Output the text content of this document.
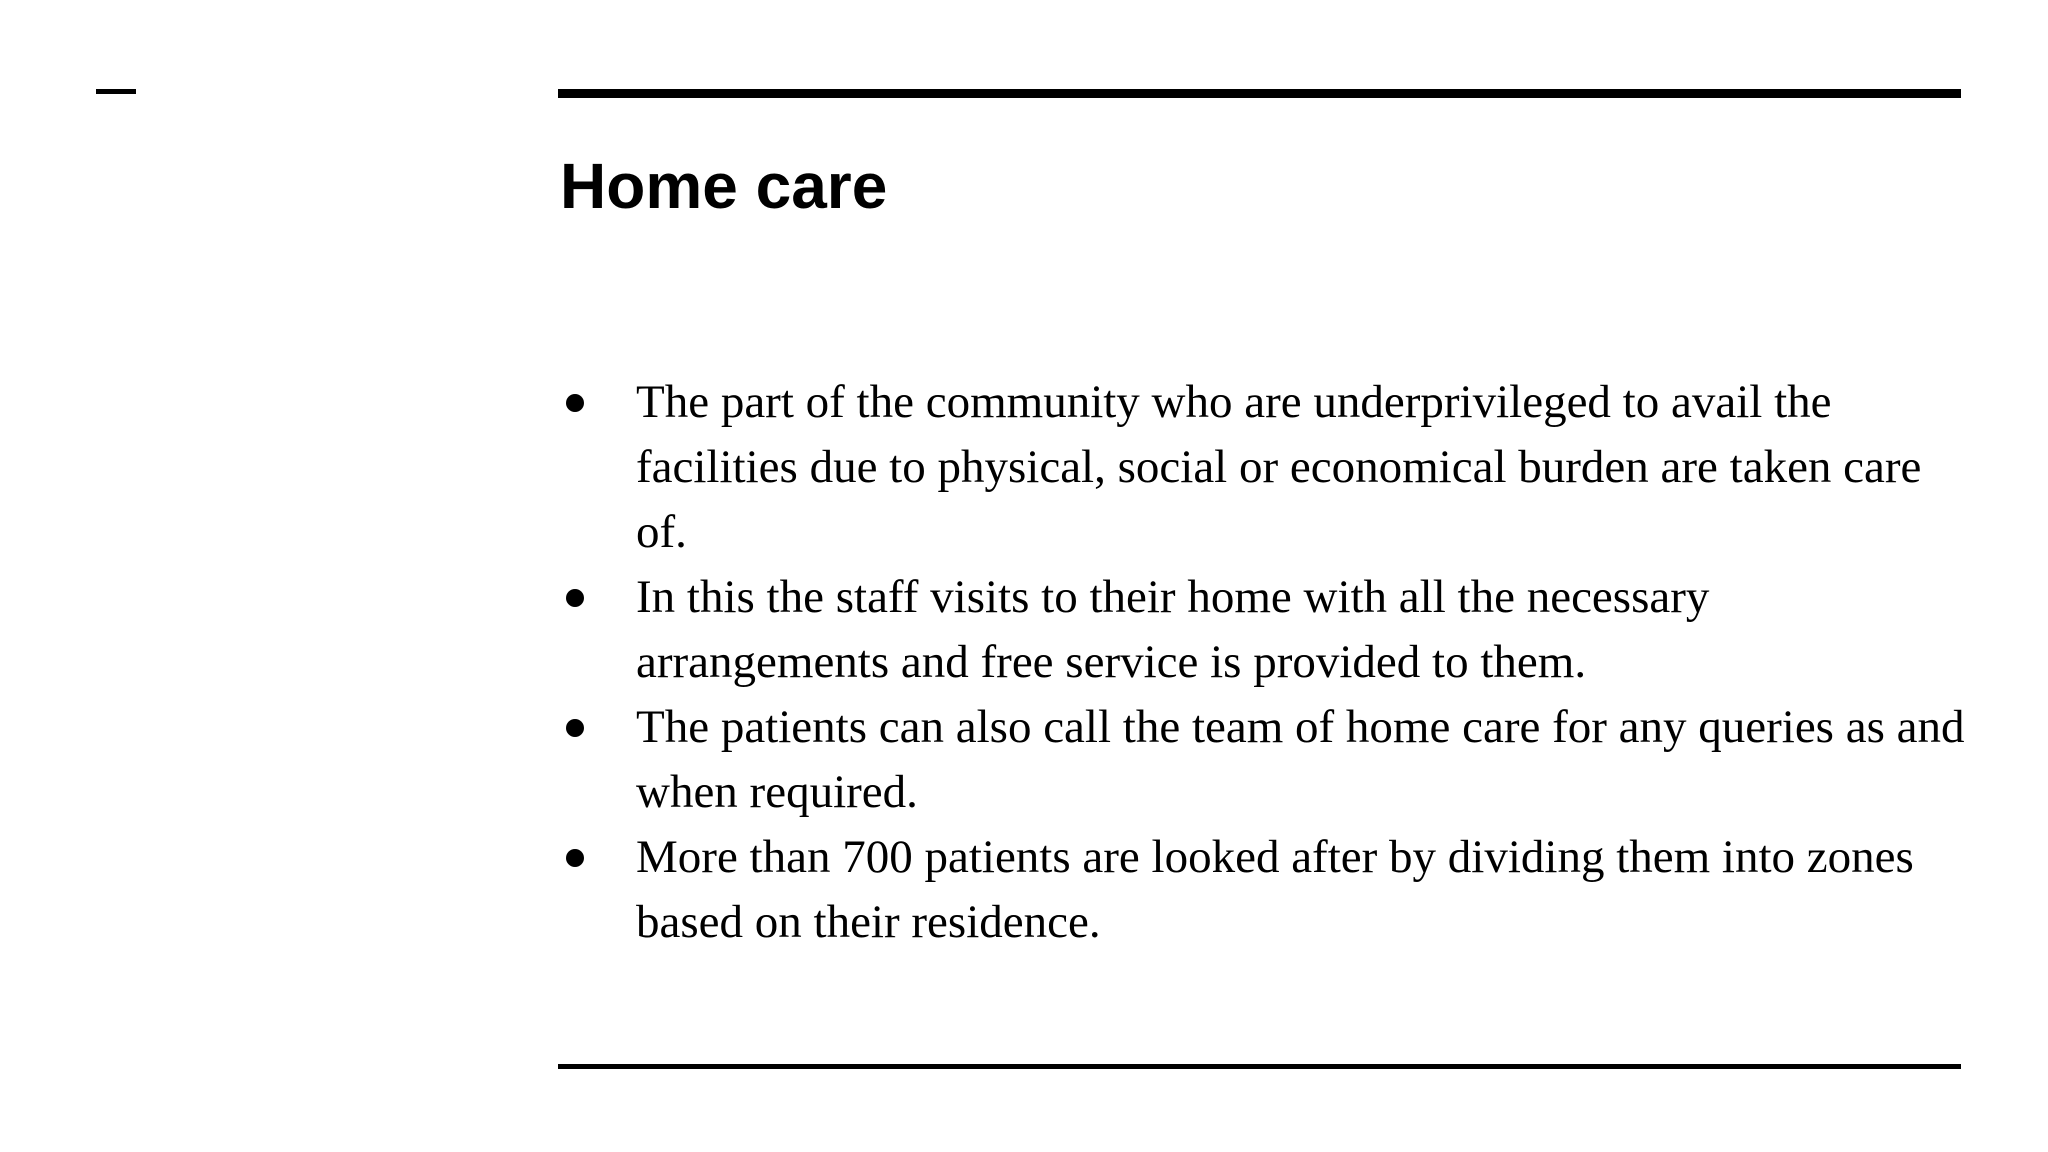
Home care
The part of the community who are underprivileged to avail the facilities due to physical, social or economical burden are taken care of.
In this the staff visits to their home with all the necessary arrangements and free service is provided to them.
The patients can also call the team of home care for any queries as and when required.
More than 700 patients are looked after by dividing them into zones based on their residence.
